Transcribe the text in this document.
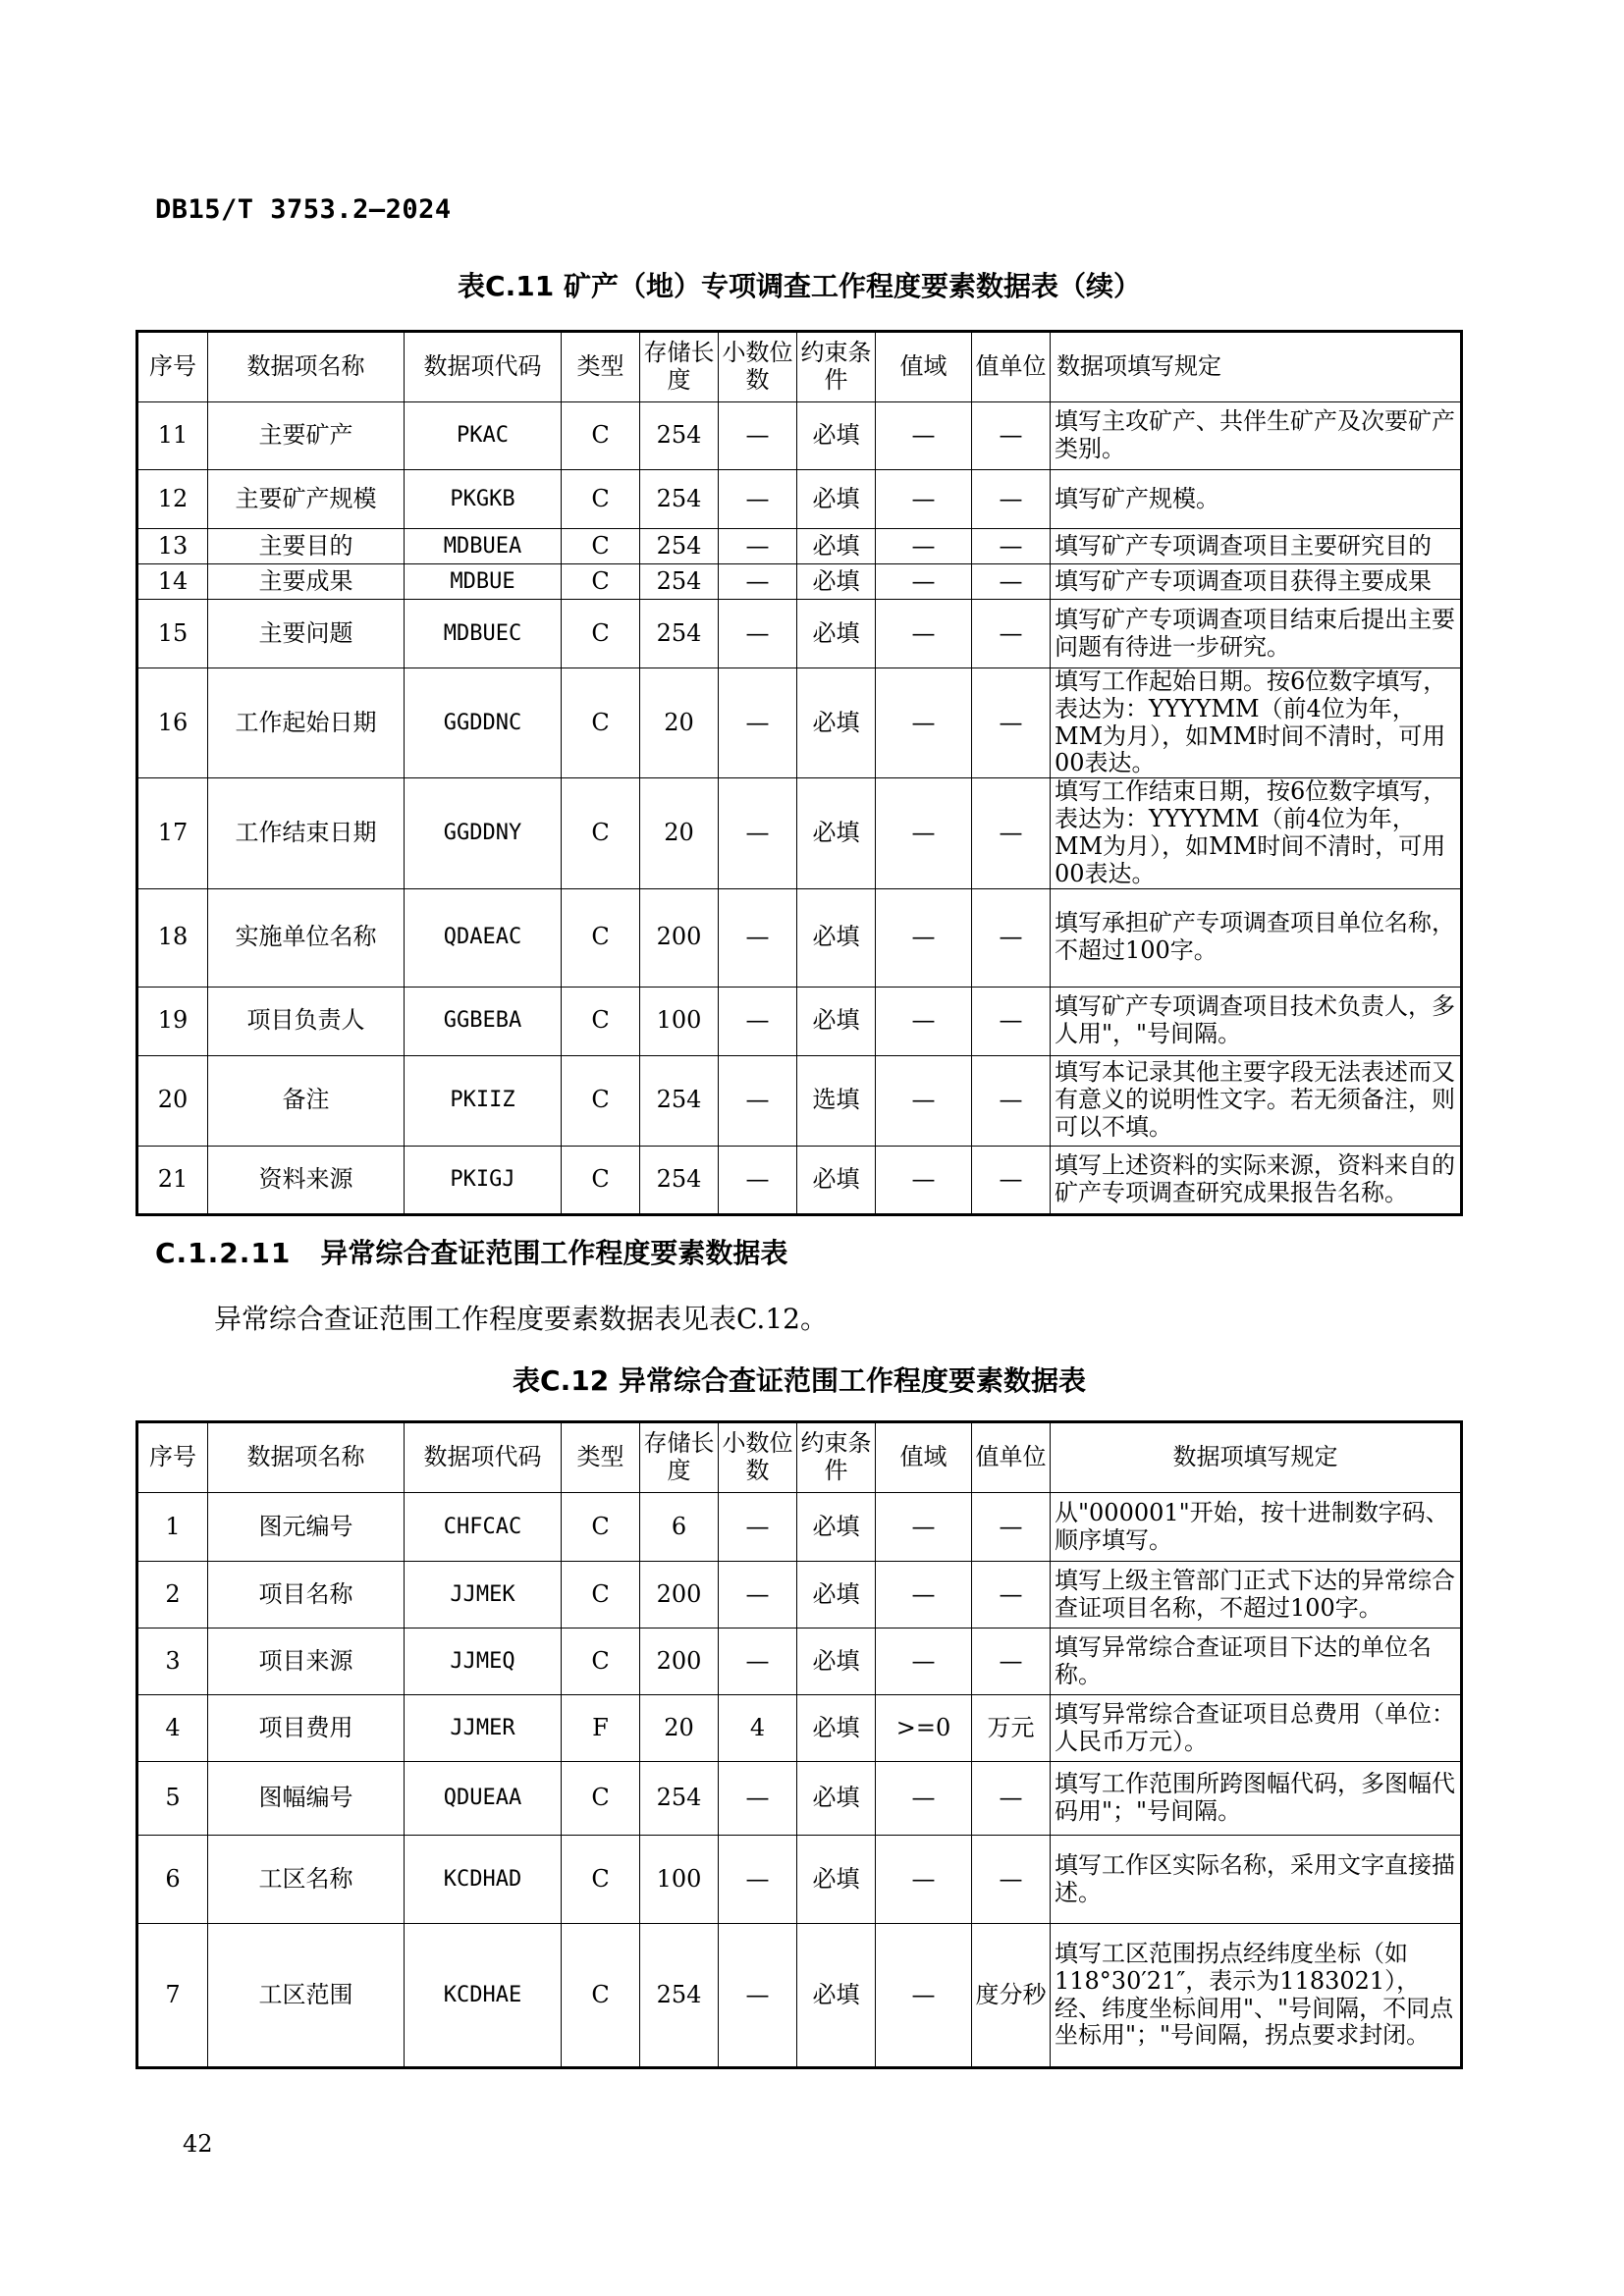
DB15/T 3753.2—2024
表C.11 矿产（地）专项调查工作程度要素数据表（续）
序号	数据项名称	数据项代码	类型	存储长度	小数位数	约束条件	值域	值单位	数据项填写规定
11	主要矿产	PKAC	C	254	—	必填	—	—	填写主攻矿产、共伴生矿产及次要矿产类别。
12	主要矿产规模	PKGKB	C	254	—	必填	—	—	填写矿产规模。
13	主要目的	MDBUEA	C	254	—	必填	—	—	填写矿产专项调查项目主要研究目的
14	主要成果	MDBUE	C	254	—	必填	—	—	填写矿产专项调查项目获得主要成果
15	主要问题	MDBUEC	C	254	—	必填	—	—	填写矿产专项调查项目结束后提出主要问题有待进一步研究。
16	工作起始日期	GGDDNC	C	20	—	必填	—	—	填写工作起始日期。按6位数字填写，表达为：YYYYMM（前4位为年，MM为月），如MM时间不清时，可用00表达。
17	工作结束日期	GGDDNY	C	20	—	必填	—	—	填写工作结束日期，按6位数字填写，表达为：YYYYMM（前4位为年，MM为月），如MM时间不清时，可用00表达。
18	实施单位名称	QDAEAC	C	200	—	必填	—	—	填写承担矿产专项调查项目单位名称，不超过100字。
19	项目负责人	GGBEBA	C	100	—	必填	—	—	填写矿产专项调查项目技术负责人，多人用"，"号间隔。
20	备注	PKIIZ	C	254	—	选填	—	—	填写本记录其他主要字段无法表述而又有意义的说明性文字。若无须备注，则可以不填。
21	资料来源	PKIGJ	C	254	—	必填	—	—	填写上述资料的实际来源，资料来自的矿产专项调查研究成果报告名称。
C.1.2.11 异常综合查证范围工作程度要素数据表
异常综合查证范围工作程度要素数据表见表C.12。
表C.12 异常综合查证范围工作程度要素数据表
序号	数据项名称	数据项代码	类型	存储长度	小数位数	约束条件	值域	值单位	数据项填写规定
1	图元编号	CHFCAC	C	6	—	必填	—	—	从"000001"开始，按十进制数字码、顺序填写。
2	项目名称	JJMEK	C	200	—	必填	—	—	填写上级主管部门正式下达的异常综合查证项目名称，不超过100字。
3	项目来源	JJMEQ	C	200	—	必填	—	—	填写异常综合查证项目下达的单位名称。
4	项目费用	JJMER	F	20	4	必填	>=0	万元	填写异常综合查证项目总费用（单位：人民币万元）。
5	图幅编号	QDUEAA	C	254	—	必填	—	—	填写工作范围所跨图幅代码，多图幅代码用"；"号间隔。
6	工区名称	KCDHAD	C	100	—	必填	—	—	填写工作区实际名称，采用文字直接描述。
7	工区范围	KCDHAE	C	254	—	必填	—	度分秒	填写工区范围拐点经纬度坐标（如118°30′21″，表示为1183021），经、纬度坐标间用"、"号间隔，不同点坐标用"；"号间隔，拐点要求封闭。
42
